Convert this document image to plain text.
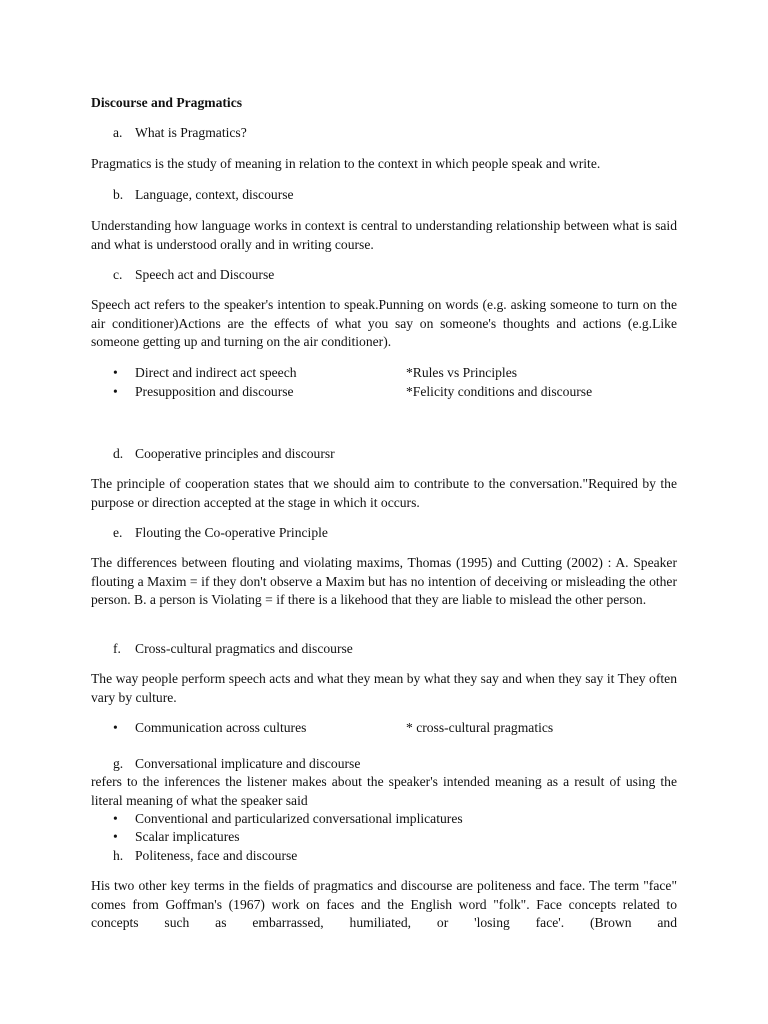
Discourse and Pragmatics
a. What is Pragmatics?
Pragmatics is the study of meaning in relation to the context in which people speak and write.
b. Language, context, discourse
Understanding how language works in context is central to understanding relationship between what is said and what is understood orally and in writing course.
c. Speech act and Discourse
Speech act refers to the speaker's intention to speak.Punning on words (e.g. asking someone to turn on the air conditioner)Actions are the effects of what you say on someone's thoughts and actions (e.g.Like someone getting up and turning on the air conditioner).
• Direct and indirect act speech	*Rules vs Principles
• Presupposition and discourse	*Felicity conditions and discourse
d. Cooperative principles and discoursr
The principle of cooperation states that we should aim to contribute to the conversation."Required by the purpose or direction accepted at the stage in which it occurs.
e. Flouting the Co-operative Principle
The differences between flouting and violating maxims, Thomas (1995) and Cutting (2002) : A. Speaker flouting a Maxim = if they don't observe a Maxim but has no intention of deceiving or misleading the other person. B. a person is Violating = if there is a likehood that they are liable to mislead the other person.
f. Cross-cultural pragmatics and discourse
The way people perform speech acts and what they mean by what they say and when they say it They often vary by culture.
• Communication across cultures	* cross-cultural pragmatics
g. Conversational implicature and discourse
refers to the inferences the listener makes about the speaker's intended meaning as a result of using the literal meaning of what the speaker said
• Conventional and particularized conversational implicatures
• Scalar implicatures
h. Politeness, face and discourse
His two other key terms in the fields of pragmatics and discourse are politeness and face. The term "face" comes from Goffman's (1967) work on faces and the English word "folk". Face concepts related to concepts such as embarrassed, humiliated, or 'losing face'. (Brown and
